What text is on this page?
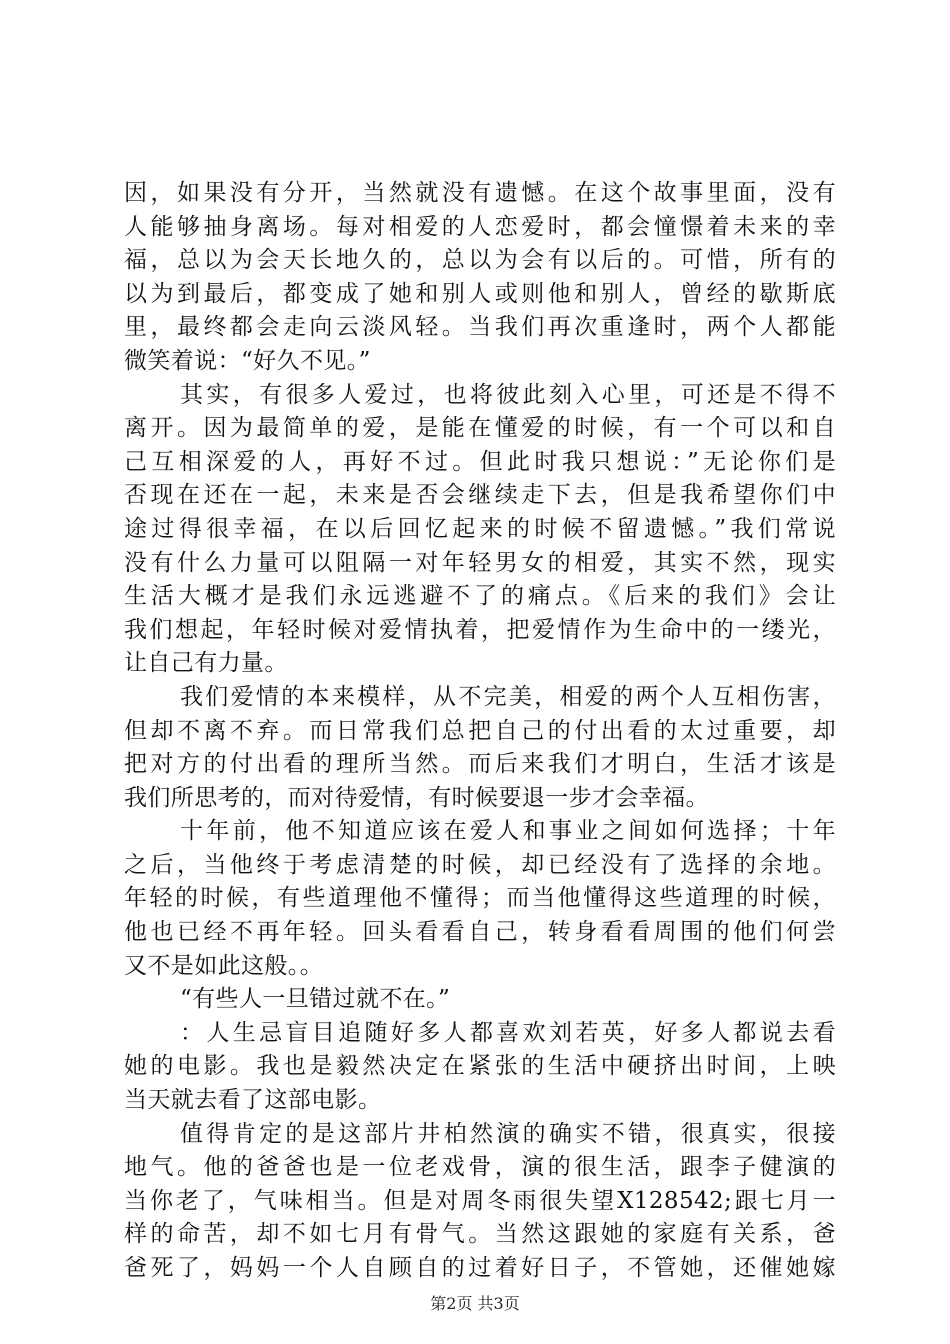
因，如果没有分开，当然就没有遗憾。在这个故事里面，没有
人能够抽身离场。每对相爱的人恋爱时，都会憧憬着未来的幸
福，总以为会天长地久的，总以为会有以后的。可惜，所有的
以为到最后，都变成了她和别人或则他和别人，曾经的歇斯底
里，最终都会走向云淡风轻。当我们再次重逢时，两个人都能
微笑着说：“好久不见。”
其实，有很多人爱过，也将彼此刻入心里，可还是不得不
离开。因为最简单的爱，是能在懂爱的时候，有一个可以和自
己互相深爱的人，再好不过。但此时我只想说：”无论你们是
否现在还在一起，未来是否会继续走下去，但是我希望你们中
途过得很幸福，在以后回忆起来的时候不留遗憾。”我们常说
没有什么力量可以阻隔一对年轻男女的相爱，其实不然，现实
生活大概才是我们永远逃避不了的痛点。《后来的我们》会让
我们想起，年轻时候对爱情执着，把爱情作为生命中的一缕光，
让自己有力量。
我们爱情的本来模样，从不完美，相爱的两个人互相伤害，
但却不离不弃。而日常我们总把自己的付出看的太过重要，却
把对方的付出看的理所当然。而后来我们才明白，生活才该是
我们所思考的，而对待爱情，有时候要退一步才会幸福。
十年前，他不知道应该在爱人和事业之间如何选择；十年
之后，当他终于考虑清楚的时候，却已经没有了选择的余地。
年轻的时候，有些道理他不懂得；而当他懂得这些道理的时候，
他也已经不再年轻。回头看看自己，转身看看周围的他们何尝
又不是如此这般。。
“有些人一旦错过就不在。”
：人生忌盲目追随好多人都喜欢刘若英，好多人都说去看
她的电影。我也是毅然决定在紧张的生活中硬挤出时间，上映
当天就去看了这部电影。
值得肯定的是这部片井柏然演的确实不错，很真实，很接
地气。他的爸爸也是一位老戏骨，演的很生活，跟李子健演的
当你老了，气味相当。但是对周冬雨很失望X128542;跟七月一
样的命苦，却不如七月有骨气。当然这跟她的家庭有关系，爸
爸死了，妈妈一个人自顾自的过着好日子，不管她，还催她嫁
第2页 共3页
